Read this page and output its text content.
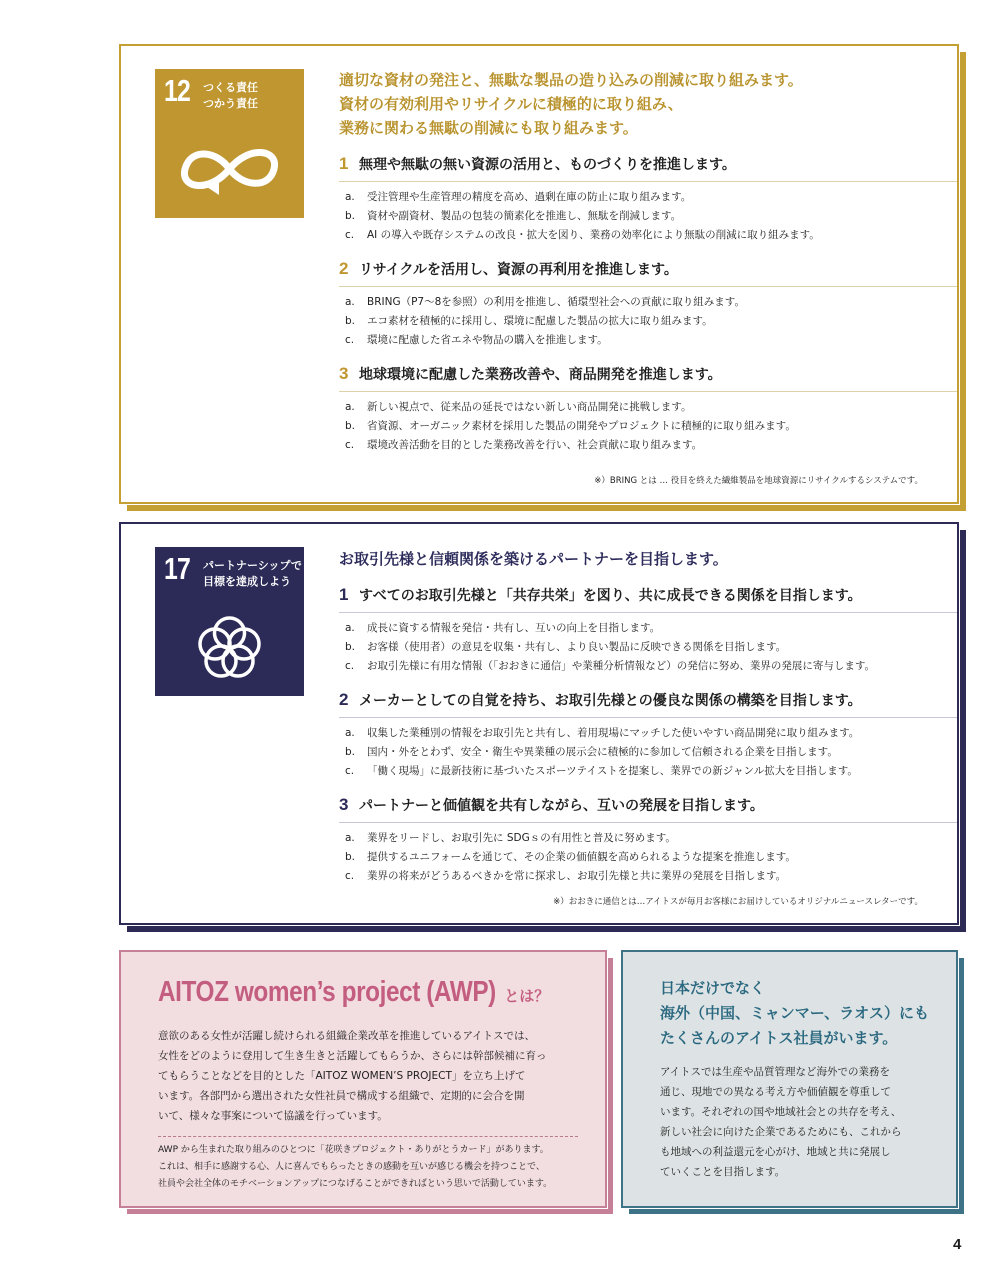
12 つくる責任
つかう責任
適切な資材の発注と、無駄な製品の造り込みの削減に取り組みます。
資材の有効利用やリサイクルに積極的に取り組み、
業務に関わる無駄の削減にも取り組みます。
1 無理や無駄の無い資源の活用と、ものづくりを推進します。
a. 受注管理や生産管理の精度を高め、過剰在庫の防止に取り組みます。
b. 資材や副資材、製品の包装の簡素化を推進し、無駄を削減します。
c. AI の導入や既存システムの改良・拡大を図り、業務の効率化により無駄の削減に取り組みます。
2 リサイクルを活用し、資源の再利用を推進します。
a. BRING（P7～8を参照）の利用を推進し、循環型社会への貢献に取り組みます。
b. エコ素材を積極的に採用し、環境に配慮した製品の拡大に取り組みます。
c. 環境に配慮した省エネや物品の購入を推進します。
3 地球環境に配慮した業務改善や、商品開発を推進します。
a. 新しい視点で、従来品の延長ではない新しい商品開発に挑戦します。
b. 省資源、オーガニック素材を採用した製品の開発やプロジェクトに積極的に取り組みます。
c. 環境改善活動を目的とした業務改善を行い、社会貢献に取り組みます。
※）BRING とは … 役目を終えた繊維製品を地球資源にリサイクルするシステムです。
17 パートナーシップで
目標を達成しよう
お取引先様と信頼関係を築けるパートナーを目指します。
1 すべてのお取引先様と「共存共栄」を図り、共に成長できる関係を目指します。
a. 成長に資する情報を発信・共有し、互いの向上を目指します。
b. お客様（使用者）の意見を収集・共有し、より良い製品に反映できる関係を目指します。
c. お取引先様に有用な情報（「おおきに通信」や業種分析情報など）の発信に努め、業界の発展に寄与します。
2 メーカーとしての自覚を持ち、お取引先様との優良な関係の構築を目指します。
a. 収集した業種別の情報をお取引先と共有し、着用現場にマッチした使いやすい商品開発に取り組みます。
b. 国内・外をとわず、安全・衛生や異業種の展示会に積極的に参加して信頼される企業を目指します。
c. 「働く現場」に最新技術に基づいたスポーツテイストを提案し、業界での新ジャンル拡大を目指します。
3 パートナーと価値観を共有しながら、互いの発展を目指します。
a. 業界をリードし、お取引先に SDGｓの有用性と普及に努めます。
b. 提供するユニフォームを通じて、その企業の価値観を高められるような提案を推進します。
c. 業界の将来がどうあるべきかを常に探求し、お取引先様と共に業界の発展を目指します。
※）おおきに通信とは…アイトスが毎月お客様にお届けしているオリジナルニュースレターです。
AITOZ women’s project (AWP) とは？
意欲のある女性が活躍し続けられる組織企業改革を推進しているアイトスでは、
女性をどのように登用して生き生きと活躍してもらうか、さらには幹部候補に育っ
てもらうことなどを目的とした「AITOZ WOMEN’S PROJECT」を立ち上げて
います。各部門から選出された女性社員で構成する組織で、定期的に会合を開
いて、様々な事案について協議を行っています。
AWP から生まれた取り組みのひとつに「花咲きプロジェクト・ありがとうカード」があります。
これは、相手に感謝する心、人に喜んでもらったときの感動を互いが感じる機会を持つことで、
社員や会社全体のモチベーションアップにつなげることができればという思いで活動しています。
日本だけでなく
海外（中国、ミャンマー、ラオス）にも
たくさんのアイトス社員がいます。
アイトスでは生産や品質管理など海外での業務を
通じ、現地での異なる考え方や価値観を尊重して
います。それぞれの国や地域社会との共存を考え、
新しい社会に向けた企業であるためにも、これから
も地域への利益還元を心がけ、地域と共に発展し
ていくことを目指します。
4
